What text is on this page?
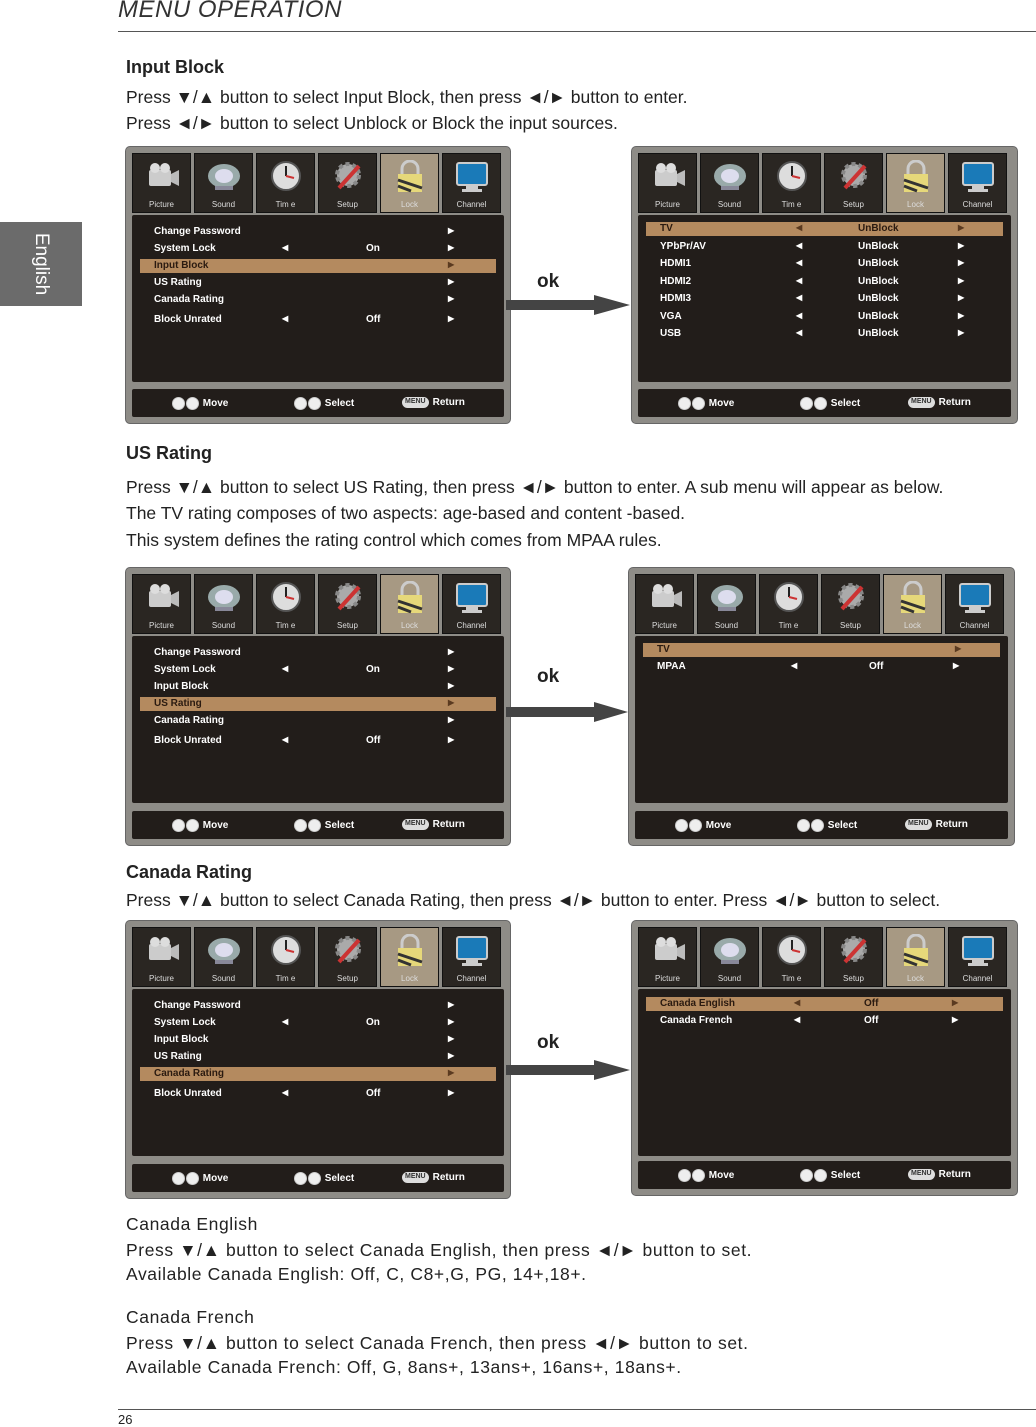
MENU OPERATION
English
Input Block
Press ▼/▲ button to select Input Block, then press ◄/► button to enter.
Press ◄/► button to select Unblock or Block the input sources.
US Rating
Press ▼/▲ button to select US Rating, then press ◄/► button to enter. A sub menu will appear as below.
The TV rating composes of two aspects: age-based and content -based.
This system defines the rating control which comes from MPAA rules.
Canada Rating
Press ▼/▲ button to select Canada Rating, then press ◄/► button to enter. Press ◄/► button to select.
Canada English
Press ▼/▲ button to select Canada English, then press ◄/► button to set.
Available Canada English: Off, C, C8+,G, PG, 14+,18+.
Canada French
Press ▼/▲ button to select Canada French, then press ◄/► button to set.
Available Canada French: Off, G, 8ans+, 13ans+, 16ans+, 18ans+.
Picture	Sound	Tim e	Setup	Lock	Channel
Change Password	▶
System Lock	◀	On	▶
Input Block	▶
US Rating	▶
Canada Rating	▶
Block Unrated	◀	Off	▶
Move	Select	MENU Return
Picture	Sound	Tim e	Setup	Lock	Channel
TV	◀	UnBlock	▶
YPbPr/AV	◀	UnBlock	▶
HDMI1	◀	UnBlock	▶
HDMI2	◀	UnBlock	▶
HDMI3	◀	UnBlock	▶
VGA	◀	UnBlock	▶
USB	◀	UnBlock	▶
Move	Select	MENU Return
Picture	Sound	Tim e	Setup	Lock	Channel
Change Password	▶
System Lock	◀	On	▶
Input Block	▶
US Rating	▶
Canada Rating	▶
Block Unrated	◀	Off	▶
Move	Select	MENU Return
Picture	Sound	Tim e	Setup	Lock	Channel
TV	▶
MPAA	◀	Off	▶
Move	Select	MENU Return
Picture	Sound	Tim e	Setup	Lock	Channel
Change Password	▶
System Lock	◀	On	▶
Input Block	▶
US Rating	▶
Canada Rating	▶
Block Unrated	◀	Off	▶
Move	Select	MENU Return
Picture	Sound	Tim e	Setup	Lock	Channel
Canada English	◀	Off	▶
Canada French	◀	Off	▶
Move	Select	MENU Return
ok
ok
ok
26
